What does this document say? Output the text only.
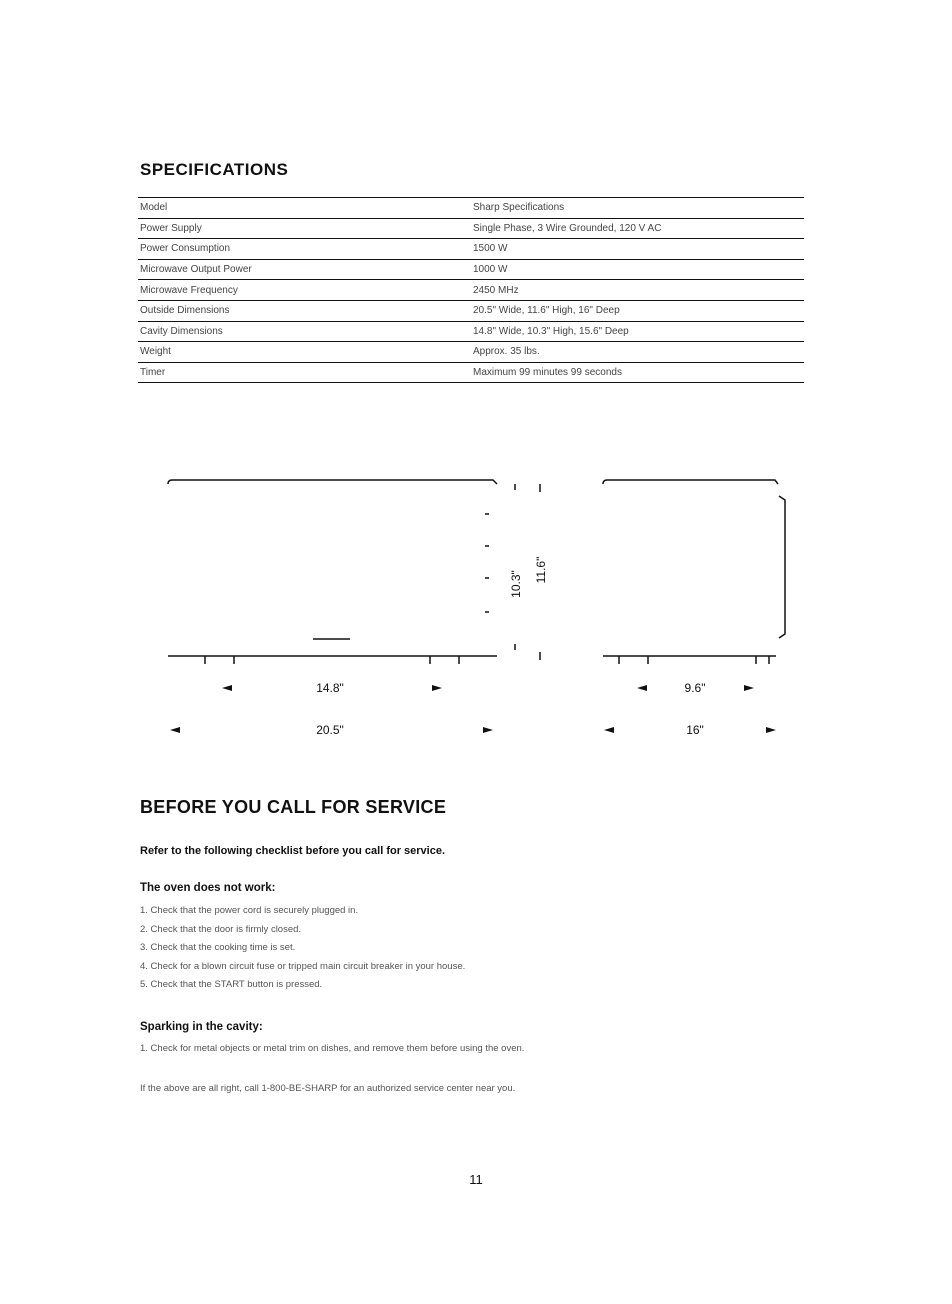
SPECIFICATIONS
Model	Sharp Specifications
Power Supply	Single Phase, 3 Wire Grounded, 120 V AC
Power Consumption	1500 W
Microwave Output Power	1000 W
Microwave Frequency	2450 MHz
Outside Dimensions	20.5" Wide, 11.6" High, 16" Deep
Cavity Dimensions	14.8" Wide, 10.3" High, 15.6" Deep
Weight	Approx. 35 lbs.
Timer	Maximum 99 minutes 99 seconds
10.3"
11.6"
14.8"
20.5"
9.6"
16"
BEFORE YOU CALL FOR SERVICE
Refer to the following checklist before you call for service.
The oven does not work:
1. Check that the power cord is securely plugged in.
2. Check that the door is firmly closed.
3. Check that the cooking time is set.
4. Check for a blown circuit fuse or tripped main circuit breaker in your house.
5. Check that the START button is pressed.
Sparking in the cavity:
1. Check for metal objects or metal trim on dishes, and remove them before using the oven.
If the above are all right, call 1-800-BE-SHARP for an authorized service center near you.
11
